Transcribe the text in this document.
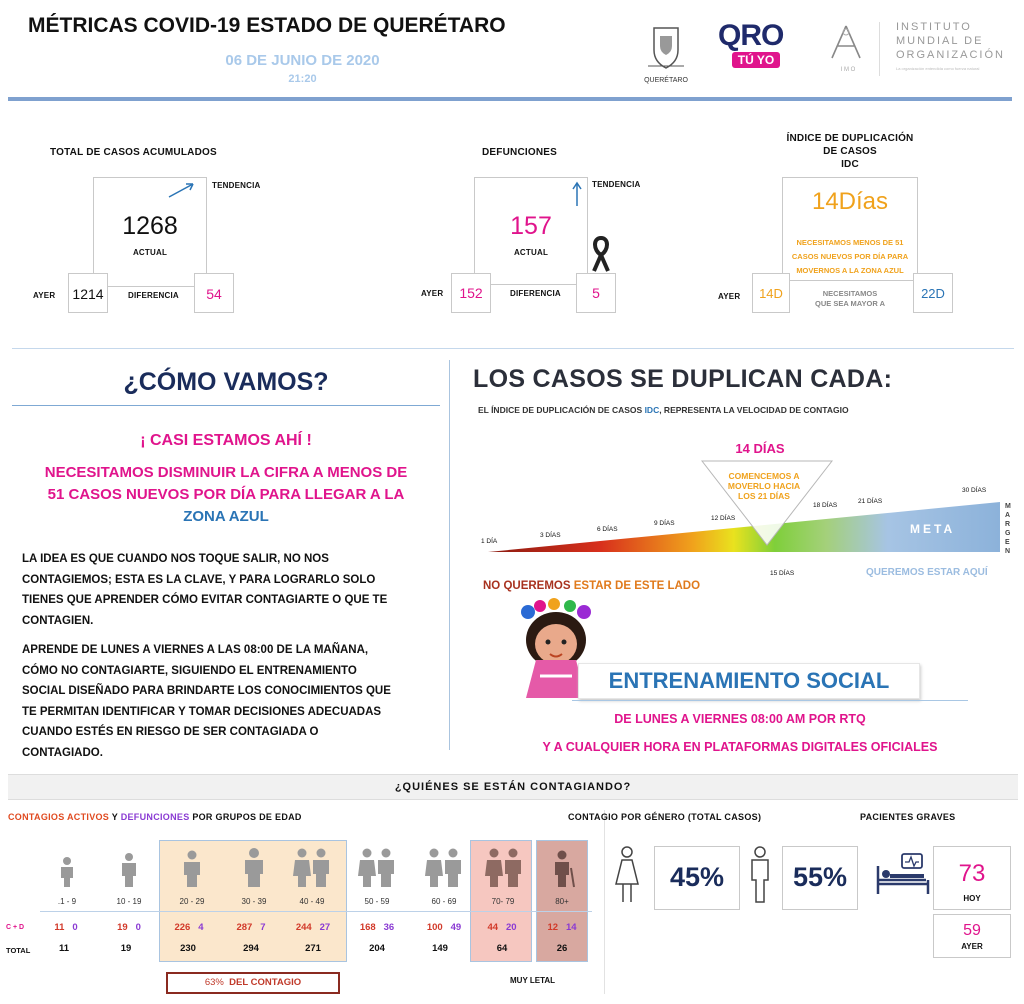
MÉTRICAS COVID-19 ESTADO DE QUERÉTARO
06 DE JUNIO DE 2020
21:20	QUERÉTARO
QRO
TÚ YO
I M O
INSTITUTO
MUNDIAL DE
ORGANIZACIÓN
La organización entendida como fuerza natural
TOTAL DE CASOS ACUMULADOS
TENDENCIA
1268
ACTUAL
AYER	1214	DIFERENCIA	54
DEFUNCIONES
TENDENCIA
157
ACTUAL
AYER	152	DIFERENCIA	5
ÍNDICE DE DUPLICACIÓN
DE CASOS
IDC
14Días
NECESITAMOS MENOS DE 51
CASOS NUEVOS POR DÍA PARA
MOVERNOS A LA ZONA AZUL
AYER	14D	NECESITAMOS
QUE SEA MAYOR A
22D
¿CÓMO VAMOS?
¡ CASI ESTAMOS AHÍ !
NECESITAMOS DISMINUIR LA CIFRA A MENOS DE
51 CASOS NUEVOS POR DÍA PARA LLEGAR A LA
ZONA AZUL
LA IDEA ES QUE CUANDO NOS TOQUE SALIR, NO NOS
CONTAGIEMOS; ESTA ES LA CLAVE, Y PARA LOGRARLO SOLO
TIENES QUE APRENDER CÓMO EVITAR CONTAGIARTE O QUE TE
CONTAGIEN.
APRENDE DE LUNES A VIERNES A LAS 08:00 DE LA MAÑANA,
CÓMO NO CONTAGIARTE, SIGUIENDO EL ENTRENAMIENTO
SOCIAL DISEÑADO PARA BRINDARTE LOS CONOCIMIENTOS QUE
TE PERMITAN IDENTIFICAR Y TOMAR DECISIONES ADECUADAS
CUANDO ESTÉS EN RIESGO DE SER CONTAGIADA O
CONTAGIADO.
LOS CASOS SE DUPLICAN CADA:
EL ÍNDICE DE DUPLICACIÓN DE CASOS IDC, REPRESENTA LA VELOCIDAD DE CONTAGIO
14 DÍAS
COMENCEMOS A
MOVERLO HACIA
LOS 21 DÍAS
1 DÍA
3 DÍAS
6 DÍAS
9 DÍAS
12 DÍAS
15 DÍAS
18 DÍAS
21 DÍAS
30 DÍAS
META
MARGEN
NO QUEREMOS ESTAR DE ESTE LADO
QUEREMOS ESTAR AQUÍ
ENTRENAMIENTO SOCIAL
DE LUNES A VIERNES 08:00 AM POR RTQ
Y A CUALQUIER HORA EN PLATAFORMAS DIGITALES OFICIALES
¿QUIÉNES SE ESTÁN CONTAGIANDO?
CONTAGIOS ACTIVOS Y DEFUNCIONES POR GRUPOS DE EDAD
.1 - 9	10 - 19	20 - 29	30 - 39	40 - 49	50 - 59	60 - 69	70- 79	80+
C + D
TOTAL
11 0	19 0	226 4	287 7	244 27	168 36	100 49	44 20	12 14
11	19	230	294	271	204	149	64	26
63% DEL CONTAGIO	MUY LETAL
CONTAGIO POR GÉNERO (TOTAL CASOS)
45%	55%
PACIENTES GRAVES
73
HOY
59
AYER
